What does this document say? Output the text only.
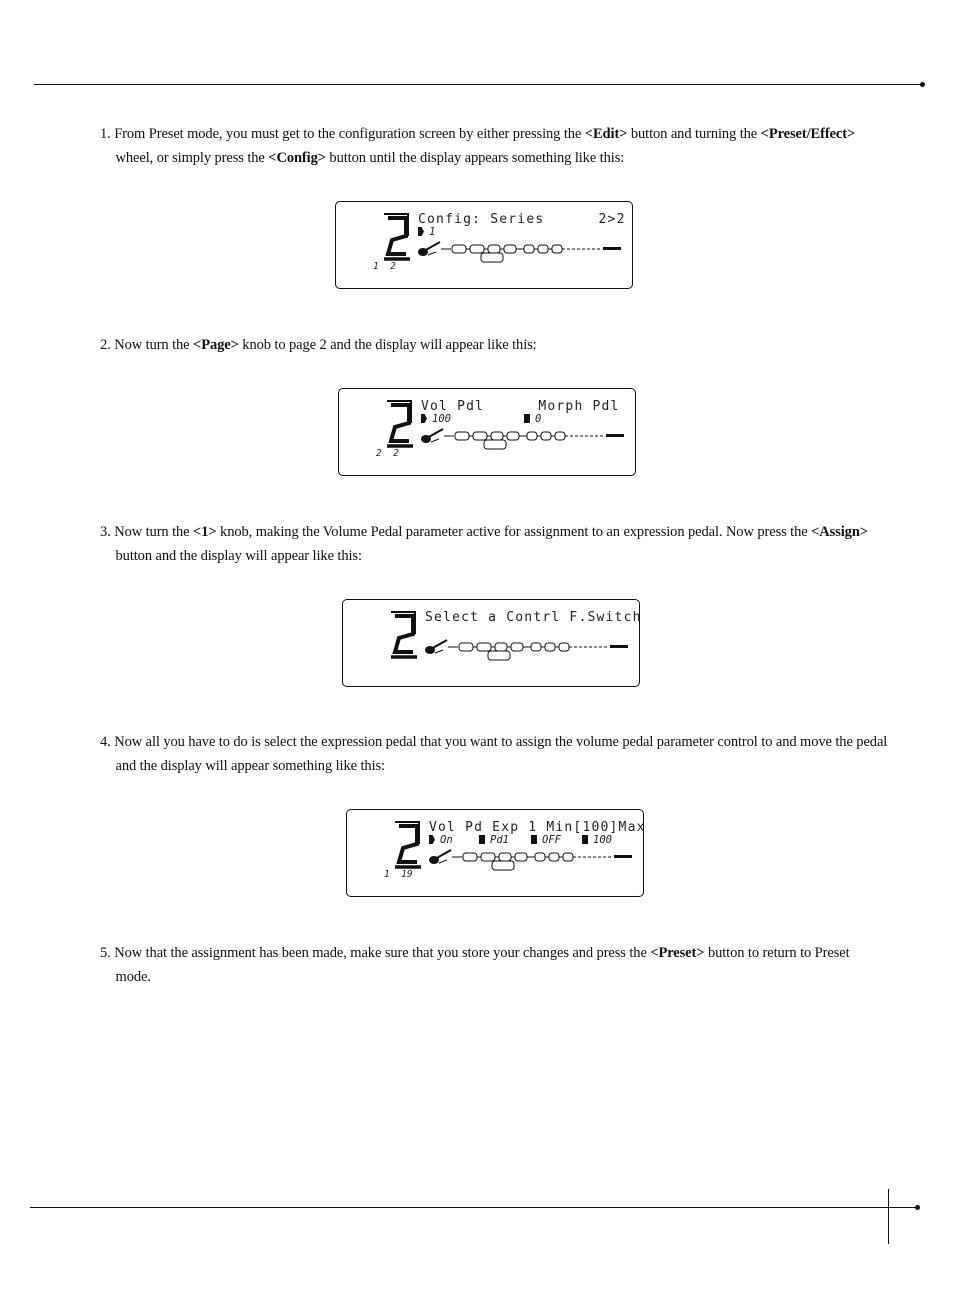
1. From Preset mode, you must get to the configuration screen by either pressing the <Edit> button and turning the <Preset/Effect>
wheel, or simply press the <Config> button until the display appears something like this:
2. Now turn the <Page> knob to page 2 and the display will appear like this:
3. Now turn the <1> knob, making the Volume Pedal parameter active for assignment to an expression pedal. Now press the <Assign>
button and the display will appear like this:
4. Now all you have to do is select the expression pedal that you want to assign the volume pedal parameter control to and move the pedal
and the display will appear something like this:
5. Now that the assignment has been made, make sure that you store your changes and press the <Preset> button to return to Preset
mode.
Config: Series      2>2
1
1  2
Vol Pdl      Morph Pdl
100	0
2  2
Select a Contrl F.Switch
Vol Pd Exp 1 Min[100]Max
On	Pd1	OFF	100
1  19
